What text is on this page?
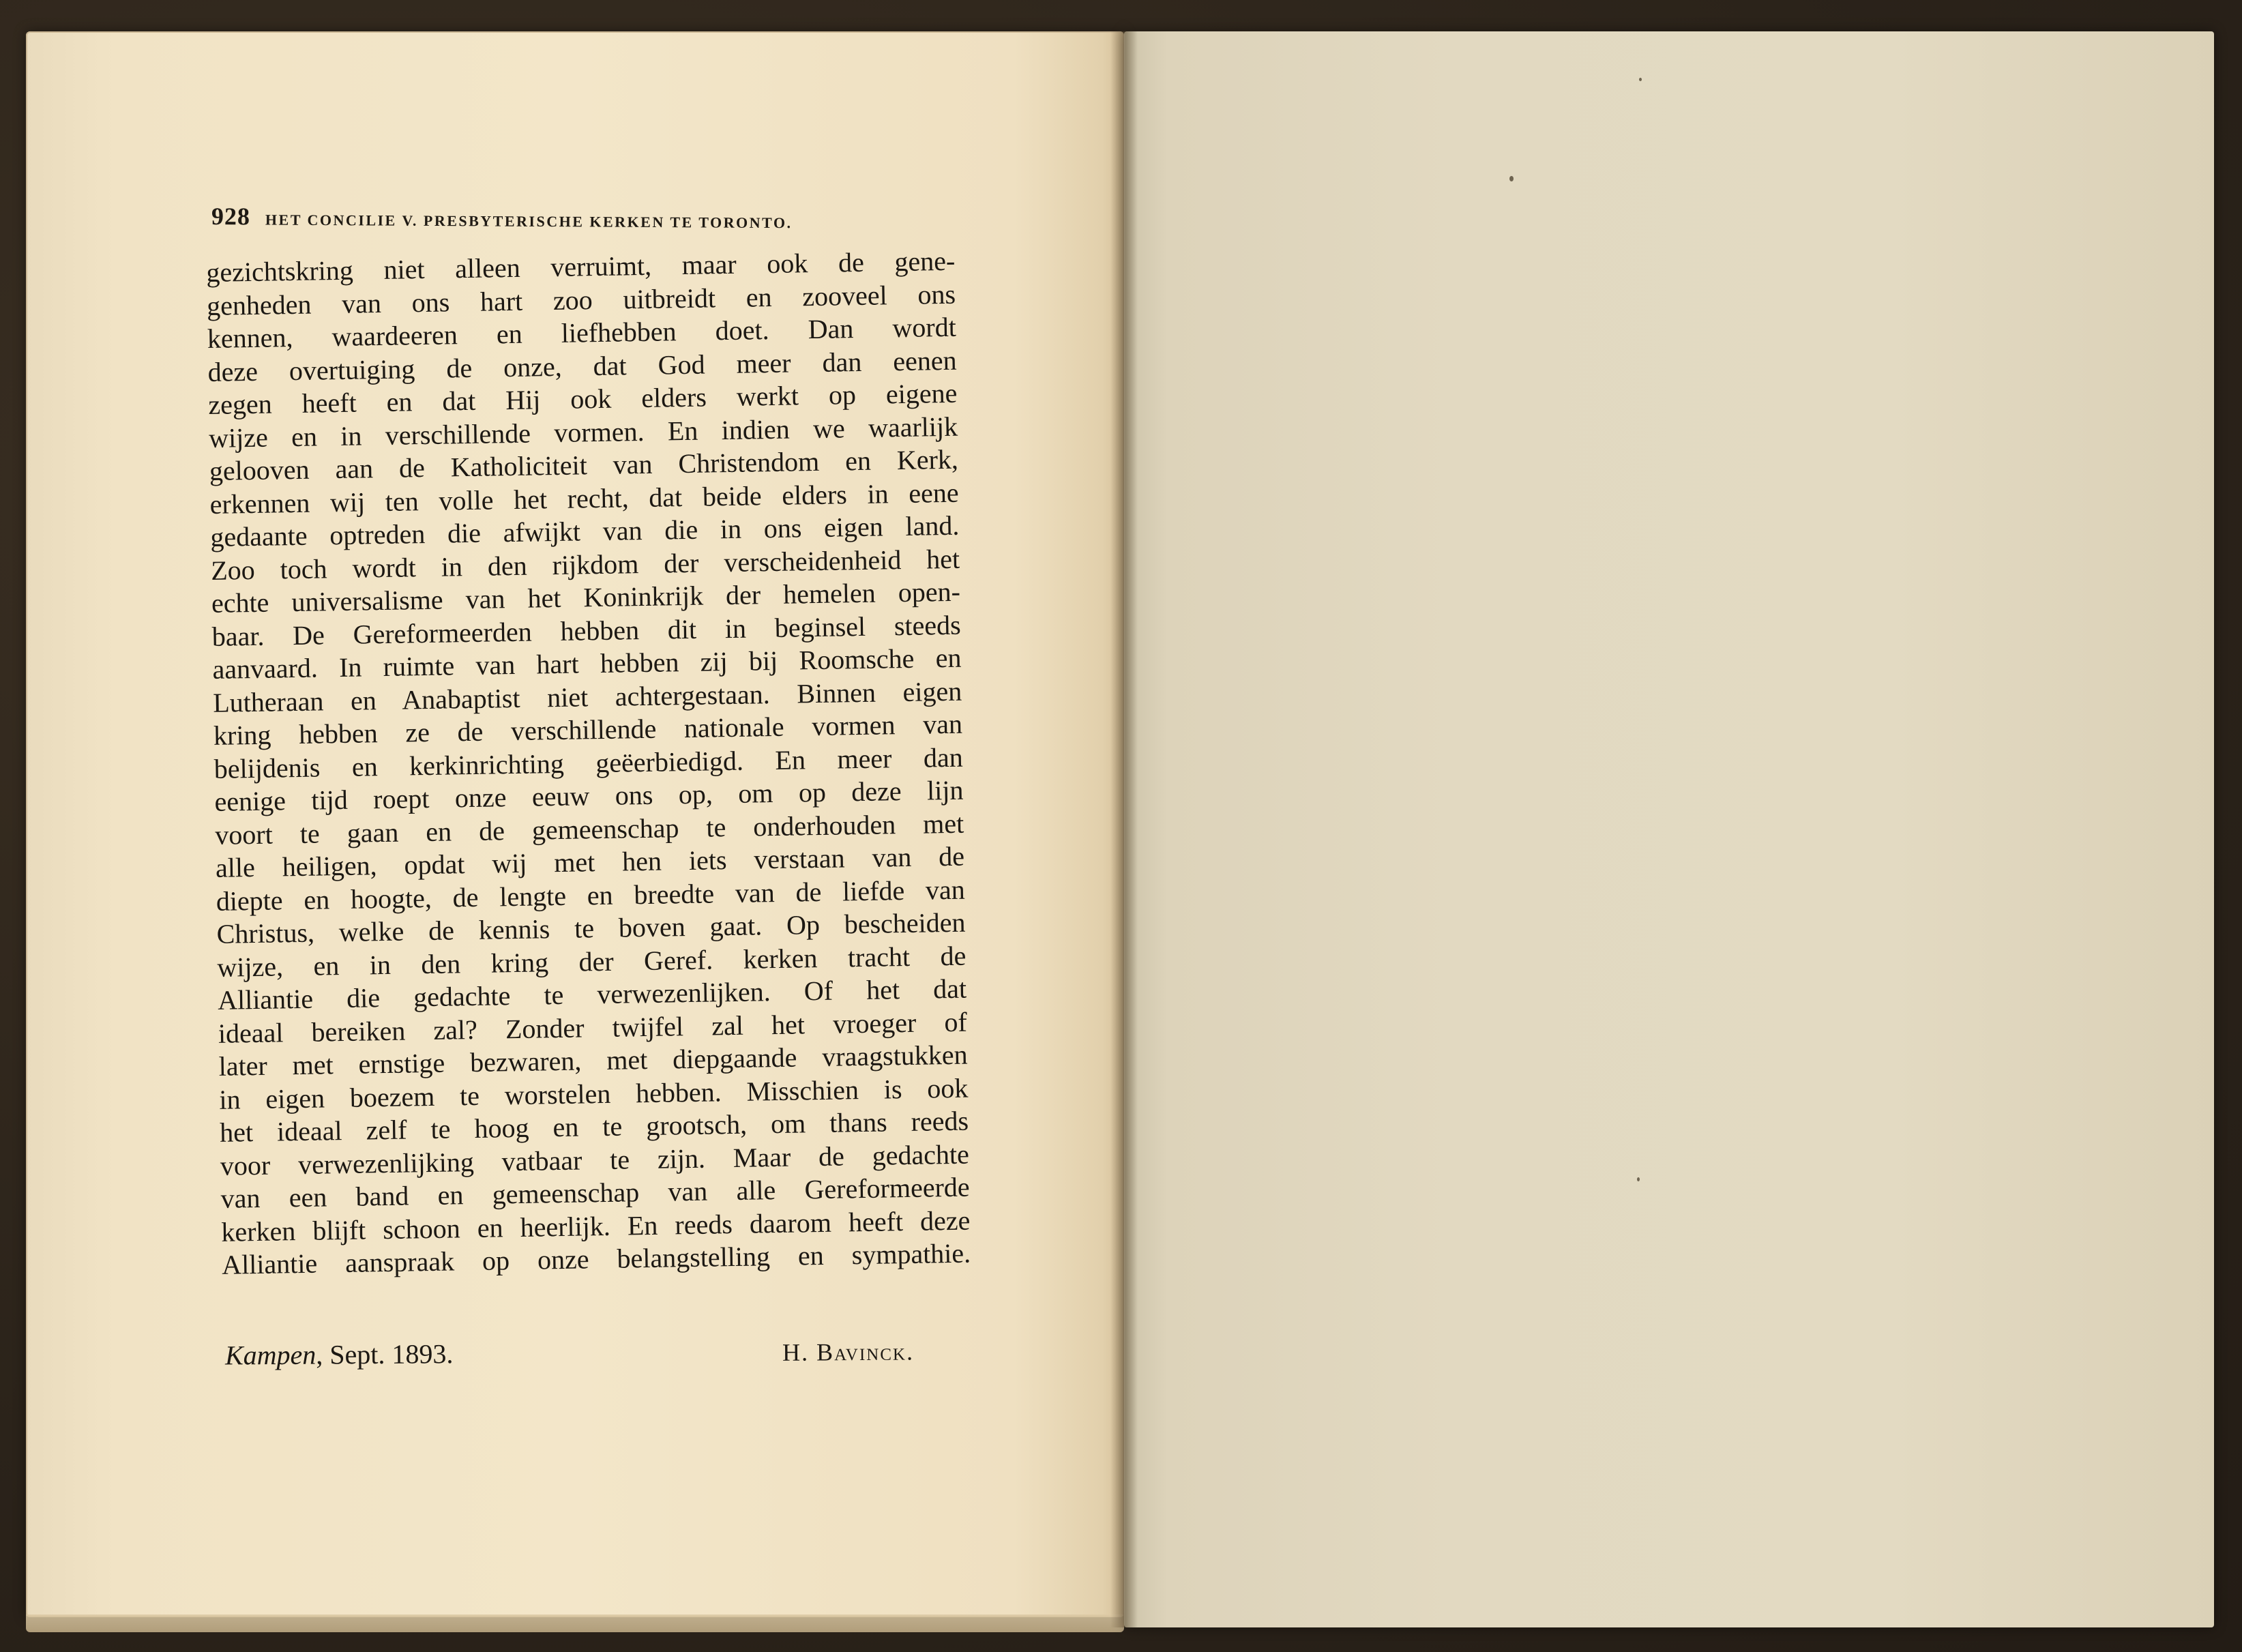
928 HET CONCILIE V. PRESBYTERISCHE KERKEN TE TORONTO.
gezichtskring niet alleen verruimt, maar ook de gene-
genheden van ons hart zoo uitbreidt en zooveel ons
kennen, waardeeren en liefhebben doet. Dan wordt
deze overtuiging de onze, dat God meer dan eenen
zegen heeft en dat Hij ook elders werkt op eigene
wijze en in verschillende vormen. En indien we waarlijk
gelooven aan de Katholiciteit van Christendom en Kerk,
erkennen wij ten volle het recht, dat beide elders in eene
gedaante optreden die afwijkt van die in ons eigen land.
Zoo toch wordt in den rijkdom der verscheidenheid het
echte universalisme van het Koninkrijk der hemelen open-
baar. De Gereformeerden hebben dit in beginsel steeds
aanvaard. In ruimte van hart hebben zij bij Roomsche en
Lutheraan en Anabaptist niet achtergestaan. Binnen eigen
kring hebben ze de verschillende nationale vormen van
belijdenis en kerkinrichting geëerbiedigd. En meer dan
eenige tijd roept onze eeuw ons op, om op deze lijn
voort te gaan en de gemeenschap te onderhouden met
alle heiligen, opdat wij met hen iets verstaan van de
diepte en hoogte, de lengte en breedte van de liefde van
Christus, welke de kennis te boven gaat. Op bescheiden
wijze, en in den kring der Geref. kerken tracht de
Alliantie die gedachte te verwezenlijken. Of het dat
ideaal bereiken zal? Zonder twijfel zal het vroeger of
later met ernstige bezwaren, met diepgaande vraagstukken
in eigen boezem te worstelen hebben. Misschien is ook
het ideaal zelf te hoog en te grootsch, om thans reeds
voor verwezenlijking vatbaar te zijn. Maar de gedachte
van een band en gemeenschap van alle Gereformeerde
kerken blijft schoon en heerlijk. En reeds daarom heeft deze
Alliantie aanspraak op onze belangstelling en sympathie.
Kampen, Sept. 1893.	H. Bavinck.
